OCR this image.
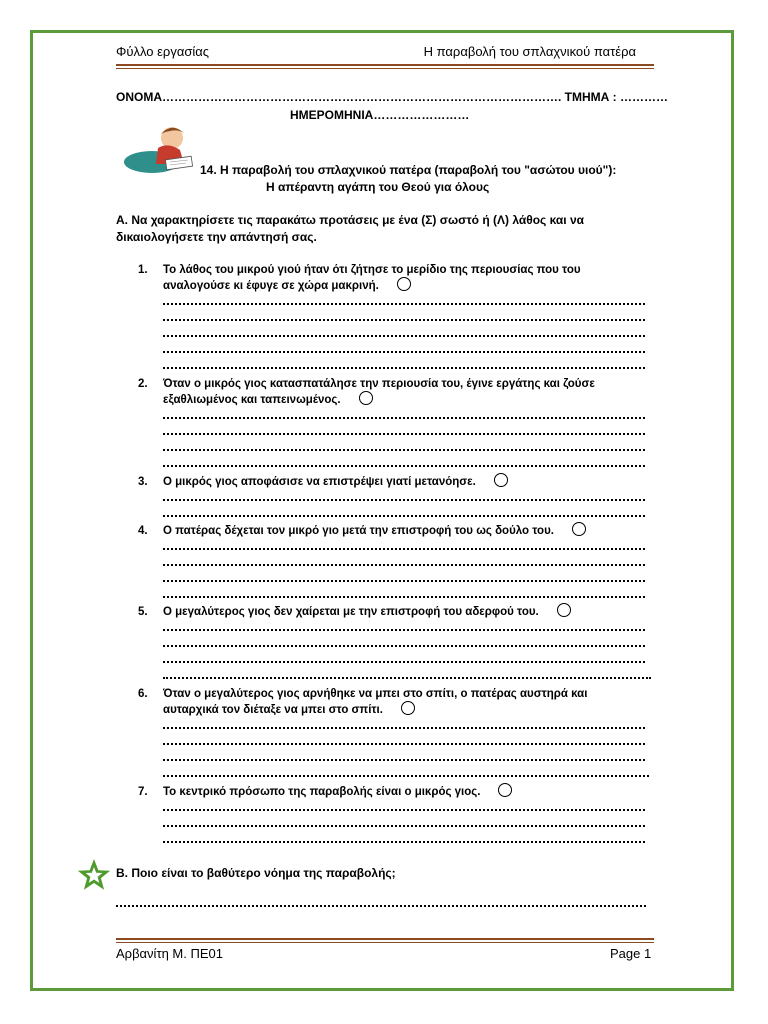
Φύλλο εργασίας	Η παραβολή του σπλαχνικού πατέρα
ΟΝΟΜΑ………………………………………………………………………………………. ΤΜΗΜΑ : …………
ΗΜΕΡΟΜΗΝΙΑ……………………
14. Η παραβολή του σπλαχνικού πατέρα (παραβολή του "ασώτου υιού"):
Η απέραντη αγάπη του Θεού για όλους
Α. Να χαρακτηρίσετε τις παρακάτω προτάσεις με ένα (Σ) σωστό ή (Λ) λάθος και να δικαιολογήσετε την απάντησή σας.
1.	Το λάθος του μικρού γιού ήταν ότι ζήτησε το μερίδιο της περιουσίας που του αναλογούσε κι έφυγε σε χώρα μακρινή.
2.	Όταν ο μικρός γιος κατασπατάλησε την περιουσία του, έγινε εργάτης και ζούσε εξαθλιωμένος και ταπεινωμένος.
3.	Ο μικρός γιος αποφάσισε να επιστρέψει γιατί μετανόησε.
4.	Ο πατέρας δέχεται τον μικρό γιο μετά την επιστροφή του ως δούλο του.
5.	Ο μεγαλύτερος γιος δεν χαίρεται με την επιστροφή του αδερφού του.
6.	Όταν ο μεγαλύτερος γιος αρνήθηκε να μπει στο σπίτι, ο πατέρας αυστηρά και αυταρχικά τον διέταξε να μπει στο σπίτι.
7.	Το κεντρικό πρόσωπο της παραβολής είναι ο μικρός γιος.
Β. Ποιο είναι το βαθύτερο νόημα της παραβολής;
Αρβανίτη Μ. ΠΕ01	Page 1
